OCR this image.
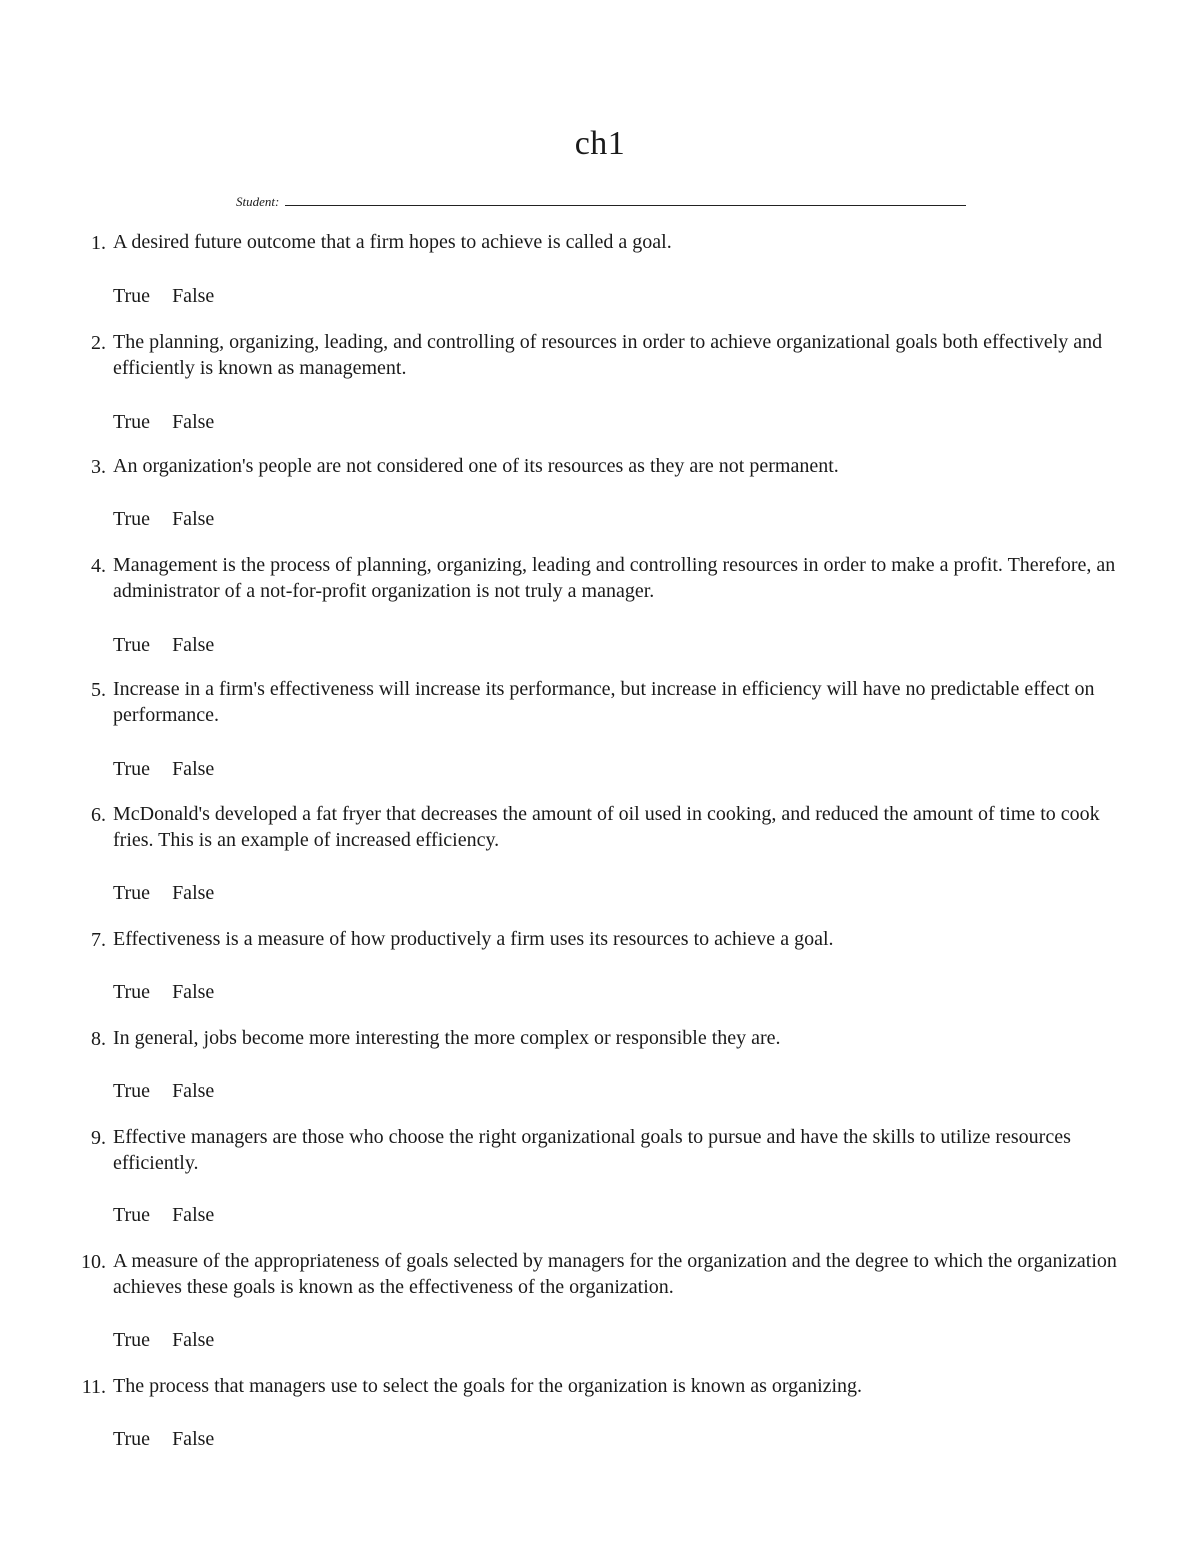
ch1
Student:
1. A desired future outcome that a firm hopes to achieve is called a goal.
True False
2. The planning, organizing, leading, and controlling of resources in order to achieve organizational goals both effectively and efficiently is known as management.
True False
3. An organization's people are not considered one of its resources as they are not permanent.
True False
4. Management is the process of planning, organizing, leading and controlling resources in order to make a profit. Therefore, an administrator of a not-for-profit organization is not truly a manager.
True False
5. Increase in a firm's effectiveness will increase its performance, but increase in efficiency will have no predictable effect on performance.
True False
6. McDonald's developed a fat fryer that decreases the amount of oil used in cooking, and reduced the amount of time to cook fries. This is an example of increased efficiency.
True False
7. Effectiveness is a measure of how productively a firm uses its resources to achieve a goal.
True False
8. In general, jobs become more interesting the more complex or responsible they are.
True False
9. Effective managers are those who choose the right organizational goals to pursue and have the skills to utilize resources efficiently.
True False
10. A measure of the appropriateness of goals selected by managers for the organization and the degree to which the organization achieves these goals is known as the effectiveness of the organization.
True False
11. The process that managers use to select the goals for the organization is known as organizing.
True False
